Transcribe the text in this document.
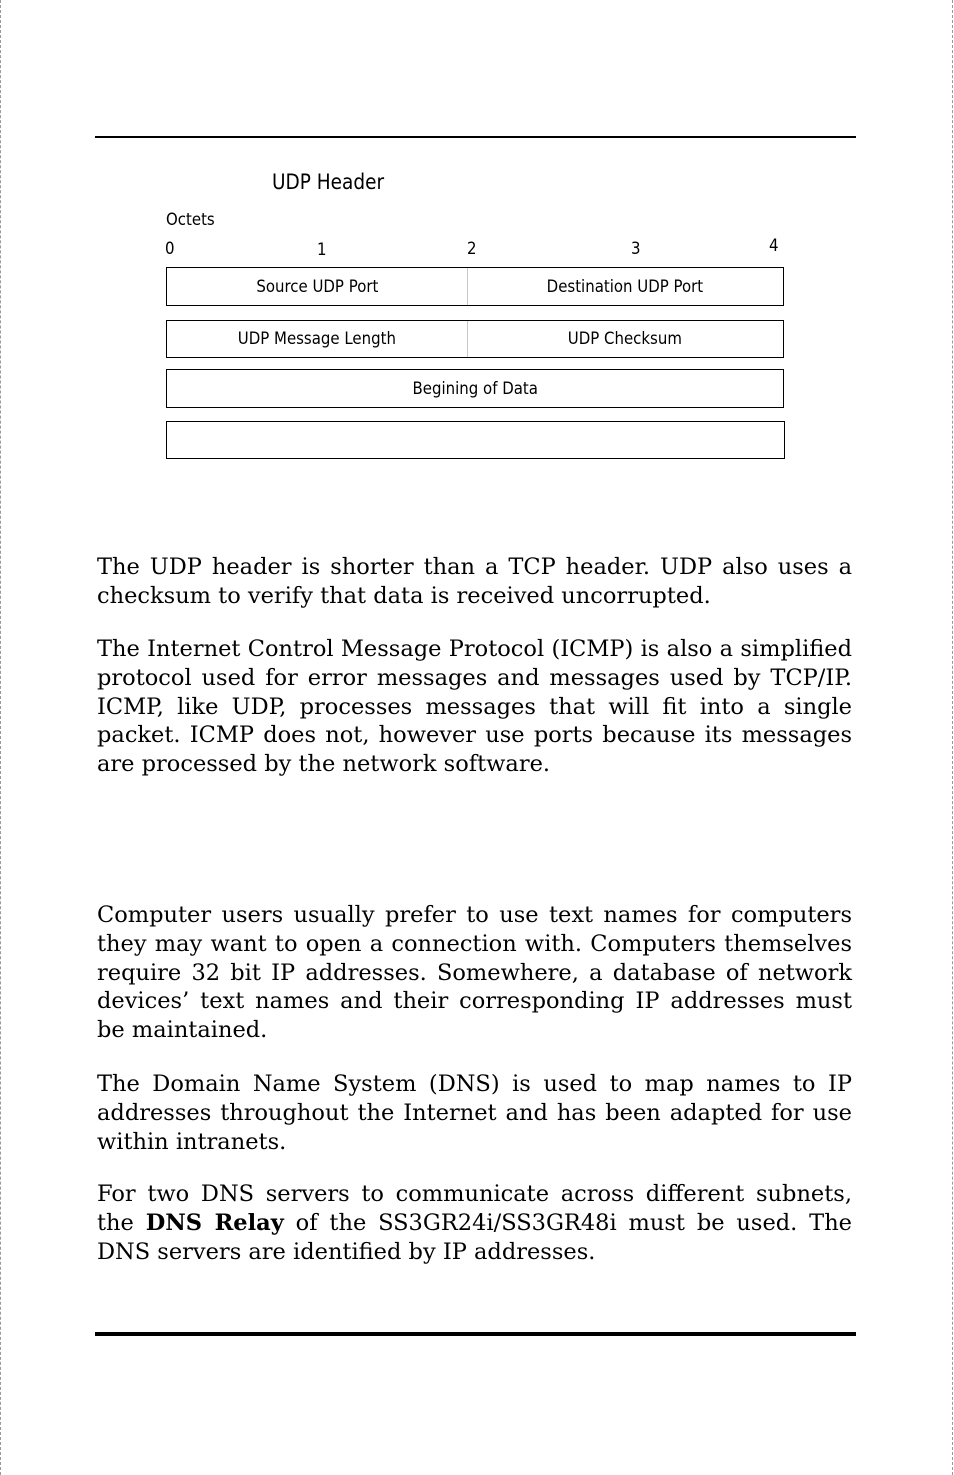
UDP Header
Octets
0	1	2	3	4
Source UDP Port	Destination UDP Port
UDP Message Length	UDP Checksum
Begining of Data

The UDP header is shorter than a TCP header. UDP also uses a checksum to verify that data is received uncorrupted.

The Internet Control Message Protocol (ICMP) is also a simplified protocol used for error messages and messages used by TCP/IP. ICMP, like UDP, processes messages that will fit into a single packet. ICMP does not, however use ports because its messages are processed by the network software.

Computer users usually prefer to use text names for computers they may want to open a connection with. Computers themselves require 32 bit IP addresses. Somewhere, a database of network devices’ text names and their corresponding IP addresses must be maintained.

The Domain Name System (DNS) is used to map names to IP addresses throughout the Internet and has been adapted for use within intranets.

For two DNS servers to communicate across different subnets, the DNS Relay of the SS3GR24i/SS3GR48i must be used. The DNS servers are identified by IP addresses.
